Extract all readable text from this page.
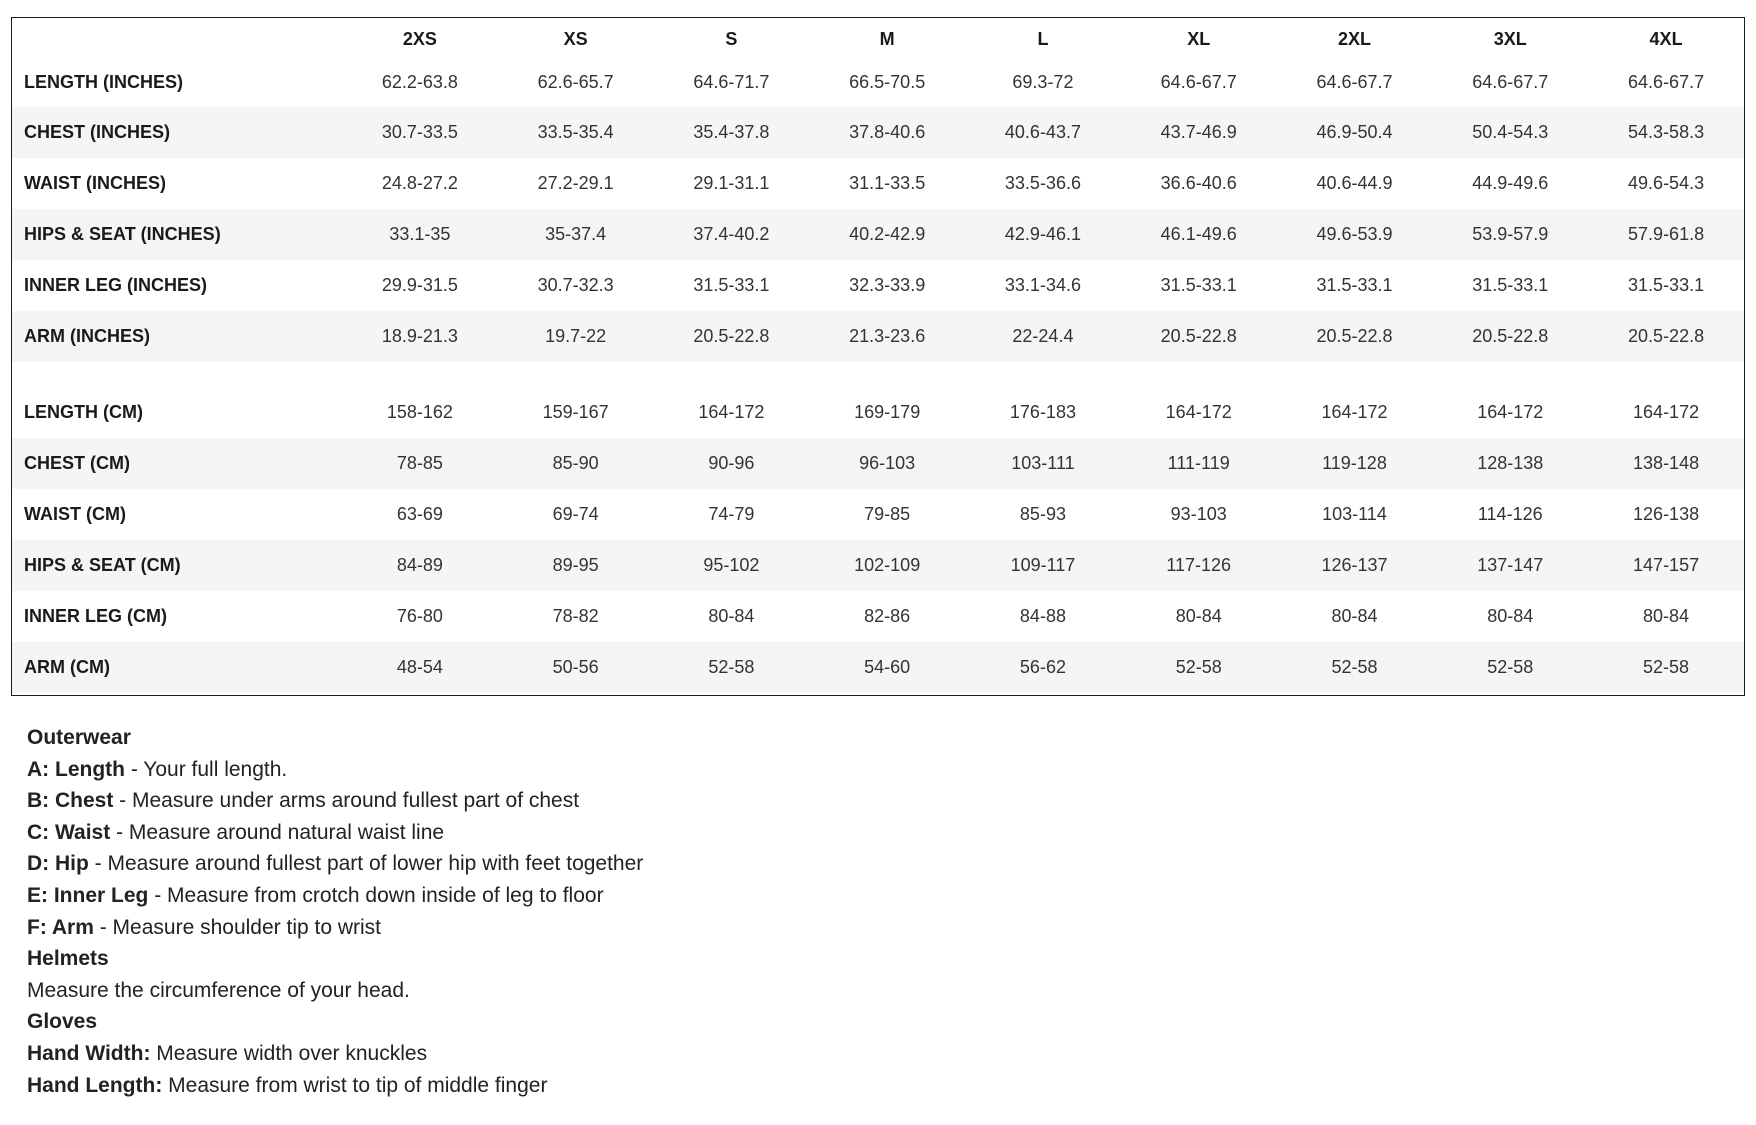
	2XS	XS	S	M	L	XL	2XL	3XL	4XL
LENGTH (INCHES)	62.2-63.8	62.6-65.7	64.6-71.7	66.5-70.5	69.3-72	64.6-67.7	64.6-67.7	64.6-67.7	64.6-67.7
CHEST (INCHES)	30.7-33.5	33.5-35.4	35.4-37.8	37.8-40.6	40.6-43.7	43.7-46.9	46.9-50.4	50.4-54.3	54.3-58.3
WAIST (INCHES)	24.8-27.2	27.2-29.1	29.1-31.1	31.1-33.5	33.5-36.6	36.6-40.6	40.6-44.9	44.9-49.6	49.6-54.3
HIPS & SEAT (INCHES)	33.1-35	35-37.4	37.4-40.2	40.2-42.9	42.9-46.1	46.1-49.6	49.6-53.9	53.9-57.9	57.9-61.8
INNER LEG (INCHES)	29.9-31.5	30.7-32.3	31.5-33.1	32.3-33.9	33.1-34.6	31.5-33.1	31.5-33.1	31.5-33.1	31.5-33.1
ARM (INCHES)	18.9-21.3	19.7-22	20.5-22.8	21.3-23.6	22-24.4	20.5-22.8	20.5-22.8	20.5-22.8	20.5-22.8

LENGTH (CM)	158-162	159-167	164-172	169-179	176-183	164-172	164-172	164-172	164-172
CHEST (CM)	78-85	85-90	90-96	96-103	103-111	111-119	119-128	128-138	138-148
WAIST (CM)	63-69	69-74	74-79	79-85	85-93	93-103	103-114	114-126	126-138
HIPS & SEAT (CM)	84-89	89-95	95-102	102-109	109-117	117-126	126-137	137-147	147-157
INNER LEG (CM)	76-80	78-82	80-84	82-86	84-88	80-84	80-84	80-84	80-84
ARM (CM)	48-54	50-56	52-58	54-60	56-62	52-58	52-58	52-58	52-58
Outerwear
A: Length - Your full length.
B: Chest - Measure under arms around fullest part of chest
C: Waist - Measure around natural waist line
D: Hip - Measure around fullest part of lower hip with feet together
E: Inner Leg - Measure from crotch down inside of leg to floor
F: Arm - Measure shoulder tip to wrist
Helmets
Measure the circumference of your head.
Gloves
Hand Width: Measure width over knuckles
Hand Length: Measure from wrist to tip of middle finger
